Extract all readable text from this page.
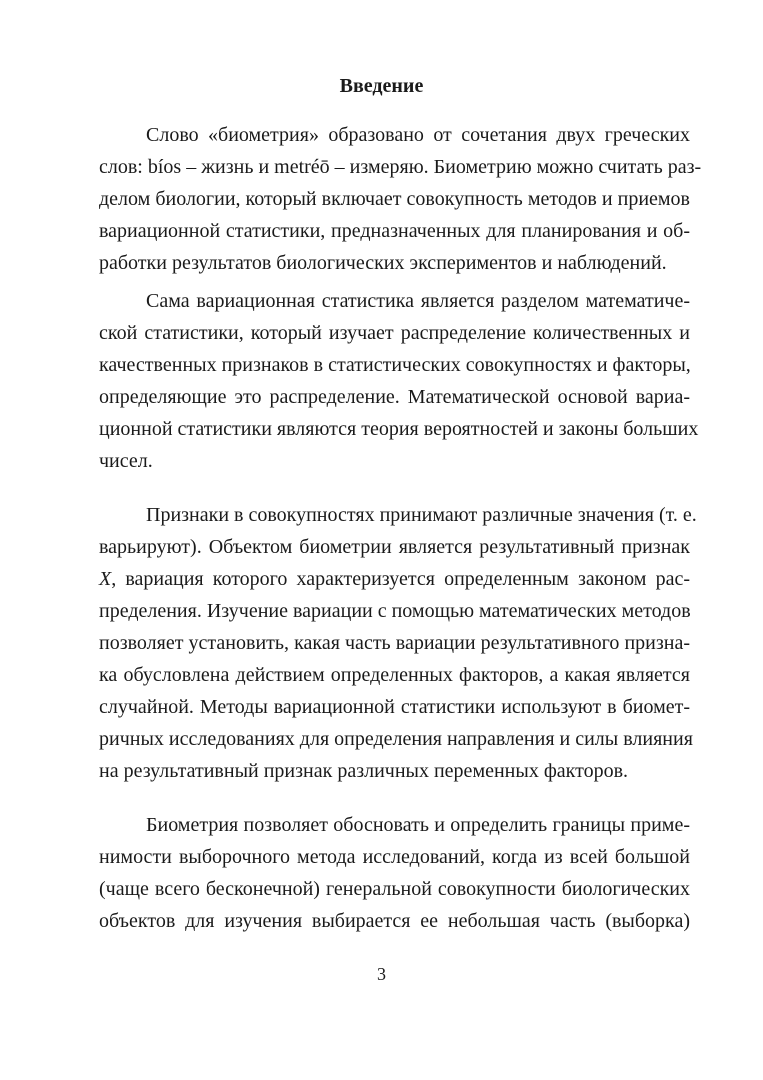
Введение
Слово «биометрия» образовано от сочетания двух греческих
слов: bíos – жизнь и metréō – измеряю. Биометрию можно считать раз-
делом биологии, который включает совокупность методов и приемов
вариационной статистики, предназначенных для планирования и об-
работки результатов биологических экспериментов и наблюдений.
Сама вариационная статистика является разделом математиче-
ской статистики, который изучает распределение количественных и
качественных признаков в статистических совокупностях и факторы,
определяющие это распределение. Математической основой вариа-
ционной статистики являются теория вероятностей и законы больших
чисел.
Признаки в совокупностях принимают различные значения (т. е.
варьируют). Объектом биометрии является результативный признак
X, вариация которого характеризуется определенным законом рас-
пределения. Изучение вариации с помощью математических методов
позволяет установить, какая часть вариации результативного призна-
ка обусловлена действием определенных факторов, а какая является
случайной. Методы вариационной статистики используют в биомет-
ричных исследованиях для определения направления и силы влияния
на результативный признак различных переменных факторов.
Биометрия позволяет обосновать и определить границы приме-
нимости выборочного метода исследований, когда из всей большой
(чаще всего бесконечной) генеральной совокупности биологических
объектов для изучения выбирается ее небольшая часть (выборка)
3
